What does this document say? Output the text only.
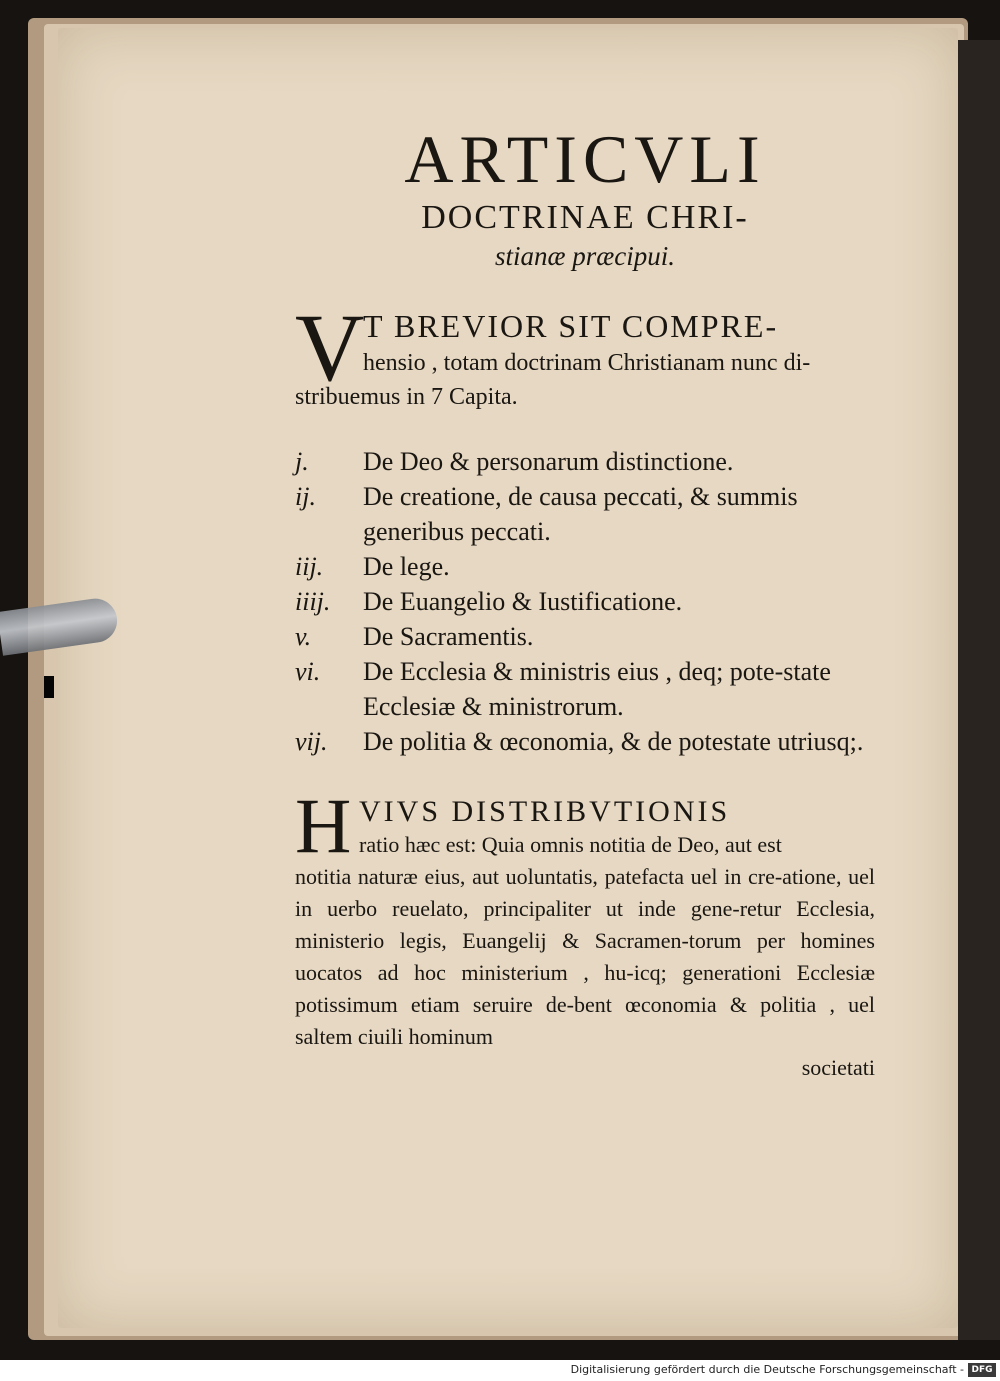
ARTICVLI
DOCTRINAE CHRI-
stianæ præcipui.
V
T BREVIOR SIT COMPRE-
hensio , totam doctrinam Christianam nunc di-
stribuemus in 7 Capita.
j.	De Deo & personarum distinctione.
ij.	De creatione, de causa peccati, & summis generibus peccati.
iij.	De lege.
iiij.	De Euangelio & Iustificatione.
v.	De Sacramentis.
vi.	De Ecclesia & ministris eius , deq; pote-state Ecclesiæ & ministrorum.
vij.	De politia & œconomia, & de potestate utriusq;.
H VIVS DISTRIBVTIONIS
ratio hæc est: Quia omnis notitia de Deo, aut est
notitia naturæ eius, aut uoluntatis, patefacta uel in cre-atione, uel in uerbo reuelato, principaliter ut inde gene-retur Ecclesia, ministerio legis, Euangelij & Sacramen-torum per homines uocatos ad hoc ministerium , hu-icq; generationi Ecclesiæ potissimum etiam seruire de-bent œconomia & politia , uel saltem ciuili hominum
societati
Digitalisierung gefördert durch die Deutsche Forschungsgemeinschaft - DFG
